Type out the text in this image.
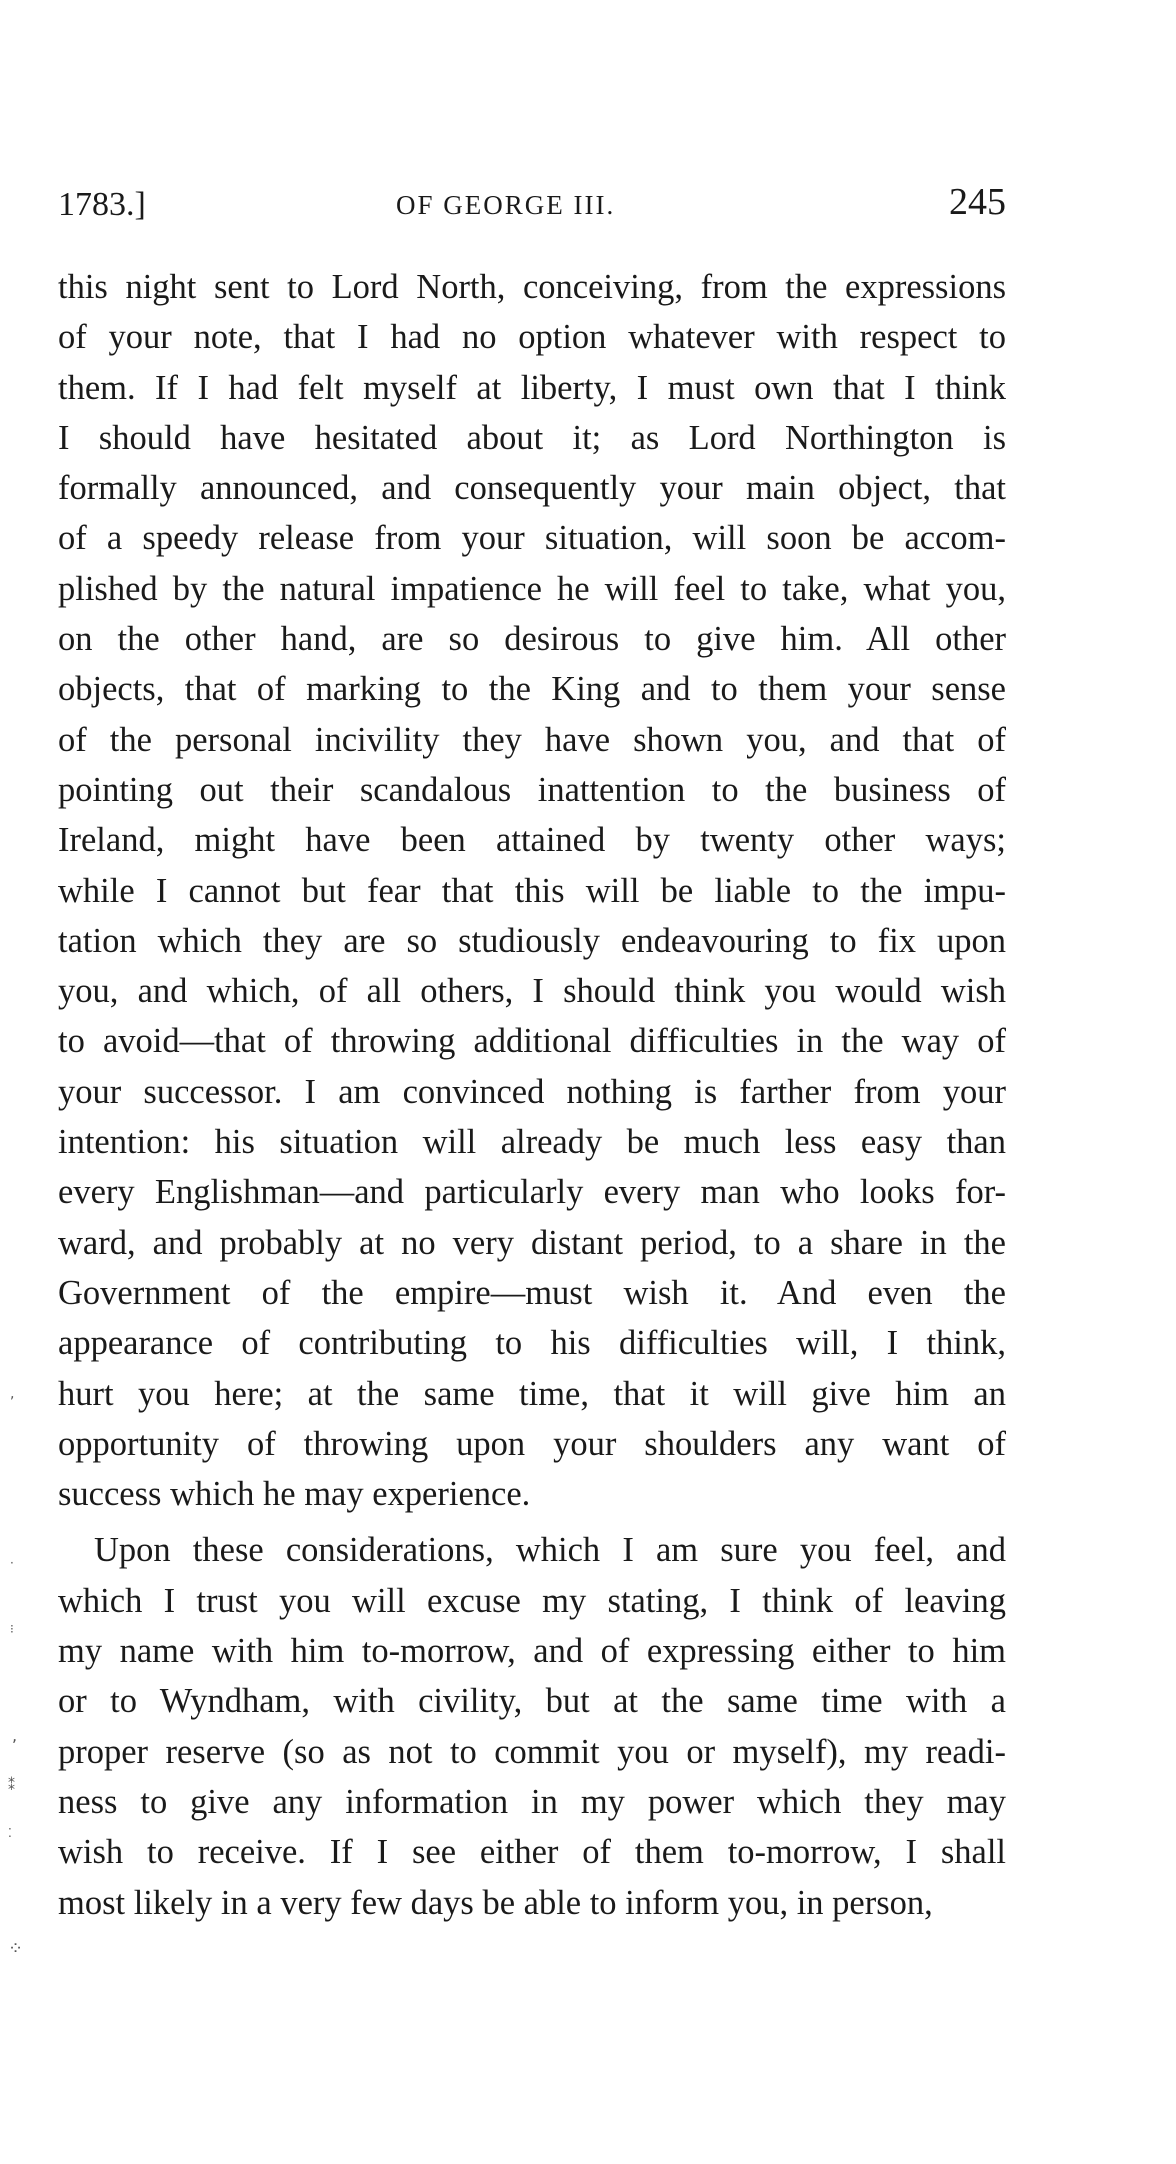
1783.]	OF GEORGE III.	245

this night sent to Lord North, conceiving, from the expressions
of your note, that I had no option whatever with respect to
them. If I had felt myself at liberty, I must own that I think
I should have hesitated about it; as Lord Northington is
formally announced, and consequently your main object, that
of a speedy release from your situation, will soon be accom-
plished by the natural impatience he will feel to take, what you,
on the other hand, are so desirous to give him. All other
objects, that of marking to the King and to them your sense
of the personal incivility they have shown you, and that of
pointing out their scandalous inattention to the business of
Ireland, might have been attained by twenty other ways;
while I cannot but fear that this will be liable to the impu-
tation which they are so studiously endeavouring to fix upon
you, and which, of all others, I should think you would wish
to avoid—that of throwing additional difficulties in the way of
your successor. I am convinced nothing is farther from your
intention: his situation will already be much less easy than
every Englishman—and particularly every man who looks for-
ward, and probably at no very distant period, to a share in the
Government of the empire—must wish it. And even the
appearance of contributing to his difficulties will, I think,
hurt you here; at the same time, that it will give him an
opportunity of throwing upon your shoulders any want of
success which he may experience.

Upon these considerations, which I am sure you feel, and
which I trust you will excuse my stating, I think of leaving
my name with him to-morrow, and of expressing either to him
or to Wyndham, with civility, but at the same time with a
proper reserve (so as not to commit you or myself), my readi-
ness to give any information in my power which they may
wish to receive. If I see either of them to-morrow, I shall
most likely in a very few days be able to inform you, in person,

,
·
⁝
,
⁑
⁚
⁘
